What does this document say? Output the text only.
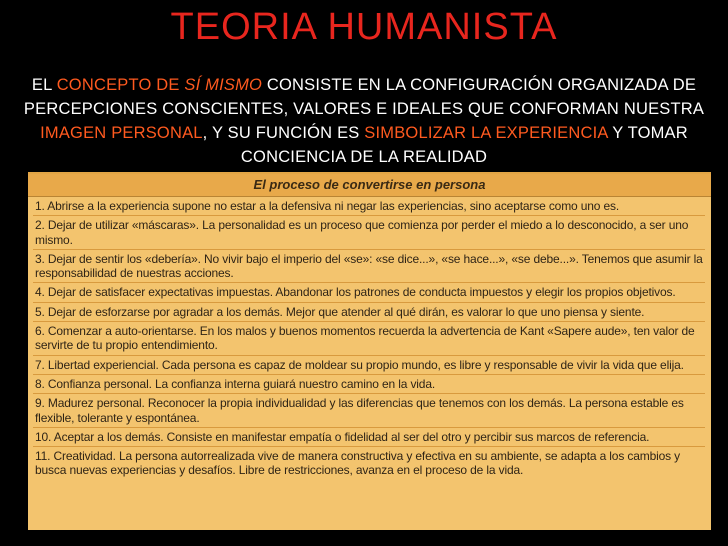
TEORIA HUMANISTA
EL CONCEPTO DE SÍ MISMO CONSISTE EN LA CONFIGURACIÓN ORGANIZADA DE PERCEPCIONES CONSCIENTES, VALORES E IDEALES QUE CONFORMAN NUESTRA IMAGEN PERSONAL, Y SU FUNCIÓN ES SIMBOLIZAR LA EXPERIENCIA Y TOMAR CONCIENCIA DE LA REALIDAD
El proceso de convertirse en persona
1. Abrirse a la experiencia supone no estar a la defensiva ni negar las experiencias, sino aceptarse como uno es.
2. Dejar de utilizar «máscaras». La personalidad es un proceso que comienza por perder el miedo a lo desconocido, a ser uno mismo.
3. Dejar de sentir los «debería». No vivir bajo el imperio del «se»: «se dice...», «se hace...», «se debe...». Tenemos que asumir la responsabilidad de nuestras acciones.
4. Dejar de satisfacer expectativas impuestas. Abandonar los patrones de conducta impuestos y elegir los propios objetivos.
5. Dejar de esforzarse por agradar a los demás. Mejor que atender al qué dirán, es valorar lo que uno piensa y siente.
6. Comenzar a auto-orientarse. En los malos y buenos momentos recuerda la advertencia de Kant «Sapere aude», ten valor de servirte de tu propio entendimiento.
7. Libertad experiencial. Cada persona es capaz de moldear su propio mundo, es libre y responsable de vivir la vida que elija.
8. Confianza personal. La confianza interna guiará nuestro camino en la vida.
9. Madurez personal. Reconocer la propia individualidad y las diferencias que tenemos con los demás. La persona estable es flexible, tolerante y espontánea.
10. Aceptar a los demás. Consiste en manifestar empatía o fidelidad al ser del otro y percibir sus marcos de referencia.
11. Creatividad. La persona autorrealizada vive de manera constructiva y efectiva en su ambiente, se adapta a los cambios y busca nuevas experiencias y desafíos. Libre de restricciones, avanza en el proceso de la vida.
